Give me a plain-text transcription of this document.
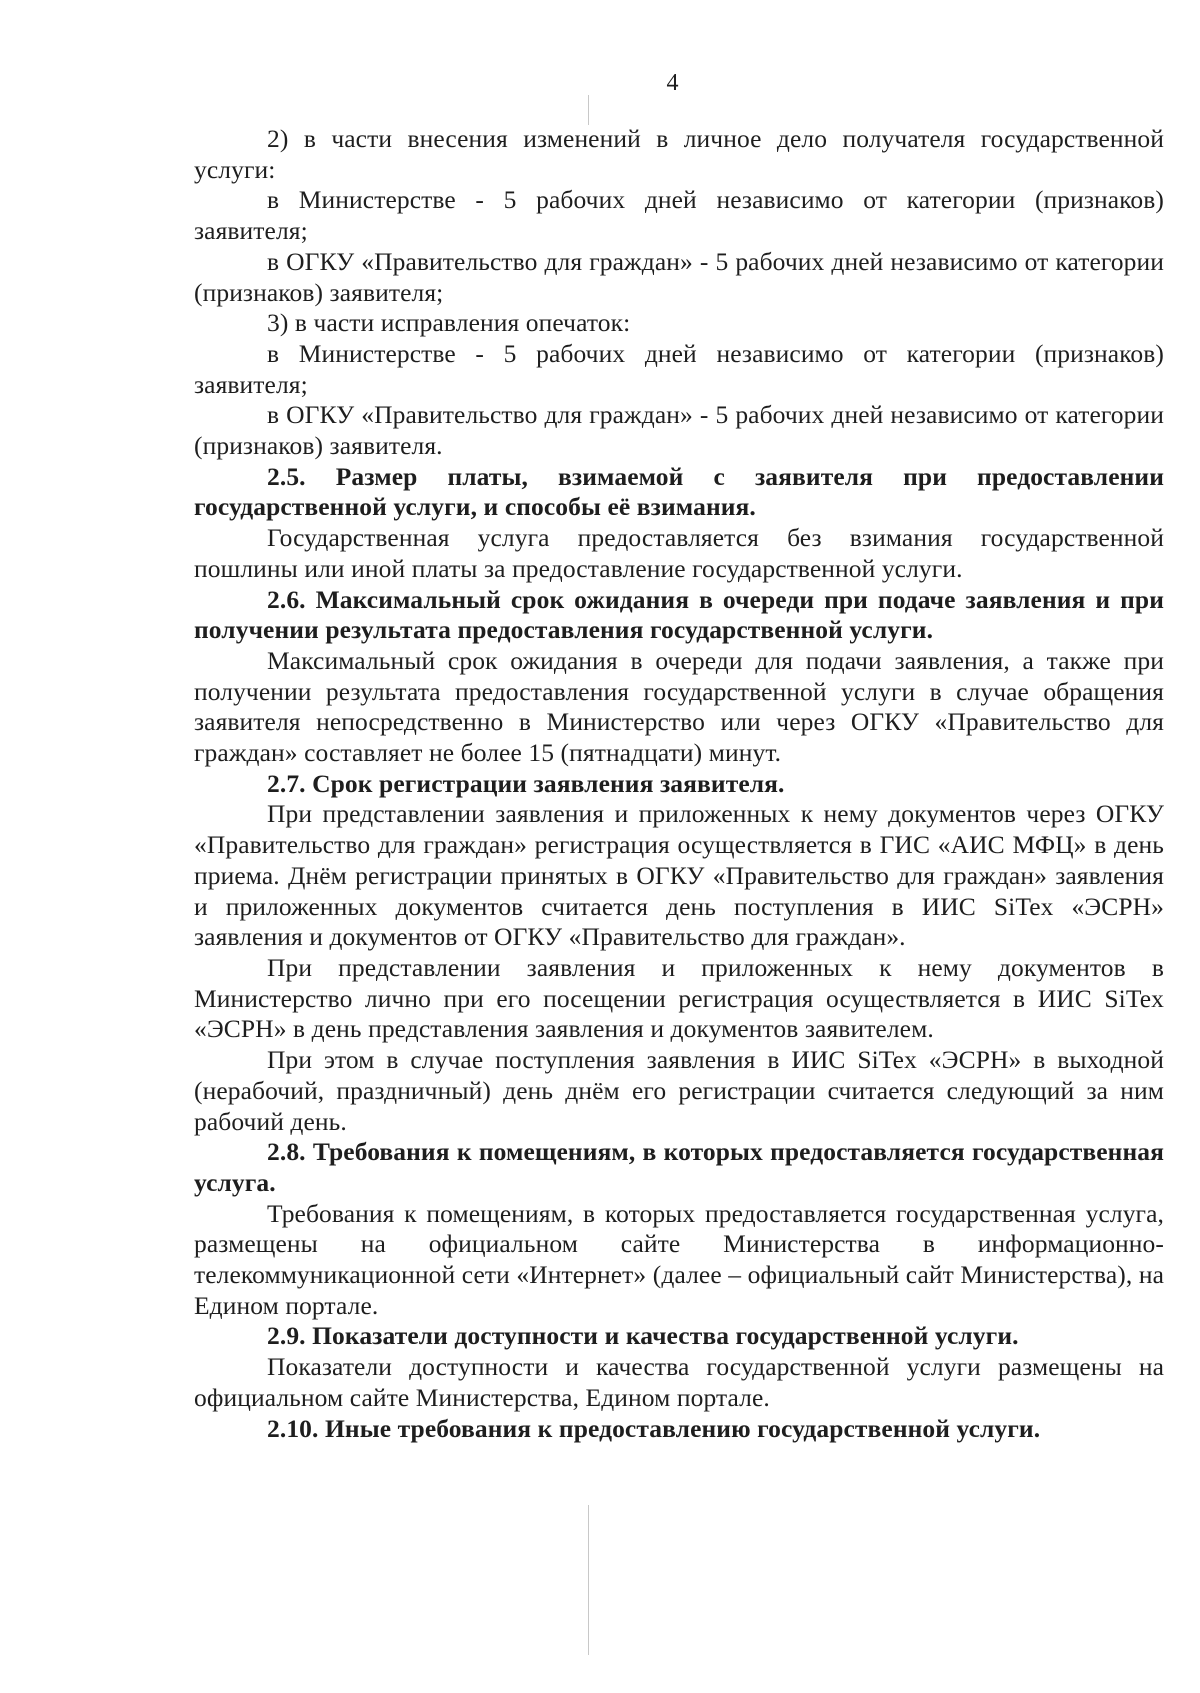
4

2) в части внесения изменений в личное дело получателя государственной услуги:

в Министерстве - 5 рабочих дней независимо от категории (признаков) заявителя;

в ОГКУ «Правительство для граждан» - 5 рабочих дней независимо от категории (признаков) заявителя;

3) в части исправления опечаток:

в Министерстве - 5 рабочих дней независимо от категории (признаков) заявителя;

в ОГКУ «Правительство для граждан» - 5 рабочих дней независимо от категории (признаков) заявителя.

2.5. Размер платы, взимаемой с заявителя при предоставлении государственной услуги, и способы её взимания.

Государственная услуга предоставляется без взимания государственной пошлины или иной платы за предоставление государственной услуги.

2.6. Максимальный срок ожидания в очереди при подаче заявления и при получении результата предоставления государственной услуги.

Максимальный срок ожидания в очереди для подачи заявления, а также при получении результата предоставления государственной услуги в случае обращения заявителя непосредственно в Министерство или через ОГКУ «Правительство для граждан» составляет не более 15 (пятнадцати) минут.

2.7. Срок регистрации заявления заявителя.

При представлении заявления и приложенных к нему документов через ОГКУ «Правительство для граждан» регистрация осуществляется в ГИС «АИС МФЦ» в день приема. Днём регистрации принятых в ОГКУ «Правительство для граждан» заявления и приложенных документов считается день поступления в ИИС SiTex «ЭСРН» заявления и документов от ОГКУ «Правительство для граждан».

При представлении заявления и приложенных к нему документов в Министерство лично при его посещении регистрация осуществляется в ИИС SiTex «ЭСРН» в день представления заявления и документов заявителем.

При этом в случае поступления заявления в ИИС SiTex «ЭСРН» в выходной (нерабочий, праздничный) день днём его регистрации считается следующий за ним рабочий день.

2.8. Требования к помещениям, в которых предоставляется государственная услуга.

Требования к помещениям, в которых предоставляется государственная услуга, размещены на официальном сайте Министерства в информационно-телекоммуникационной сети «Интернет» (далее – официальный сайт Министерства), на Едином портале.

2.9. Показатели доступности и качества государственной услуги.

Показатели доступности и качества государственной услуги размещены на официальном сайте Министерства, Едином портале.

2.10. Иные требования к предоставлению государственной услуги.
